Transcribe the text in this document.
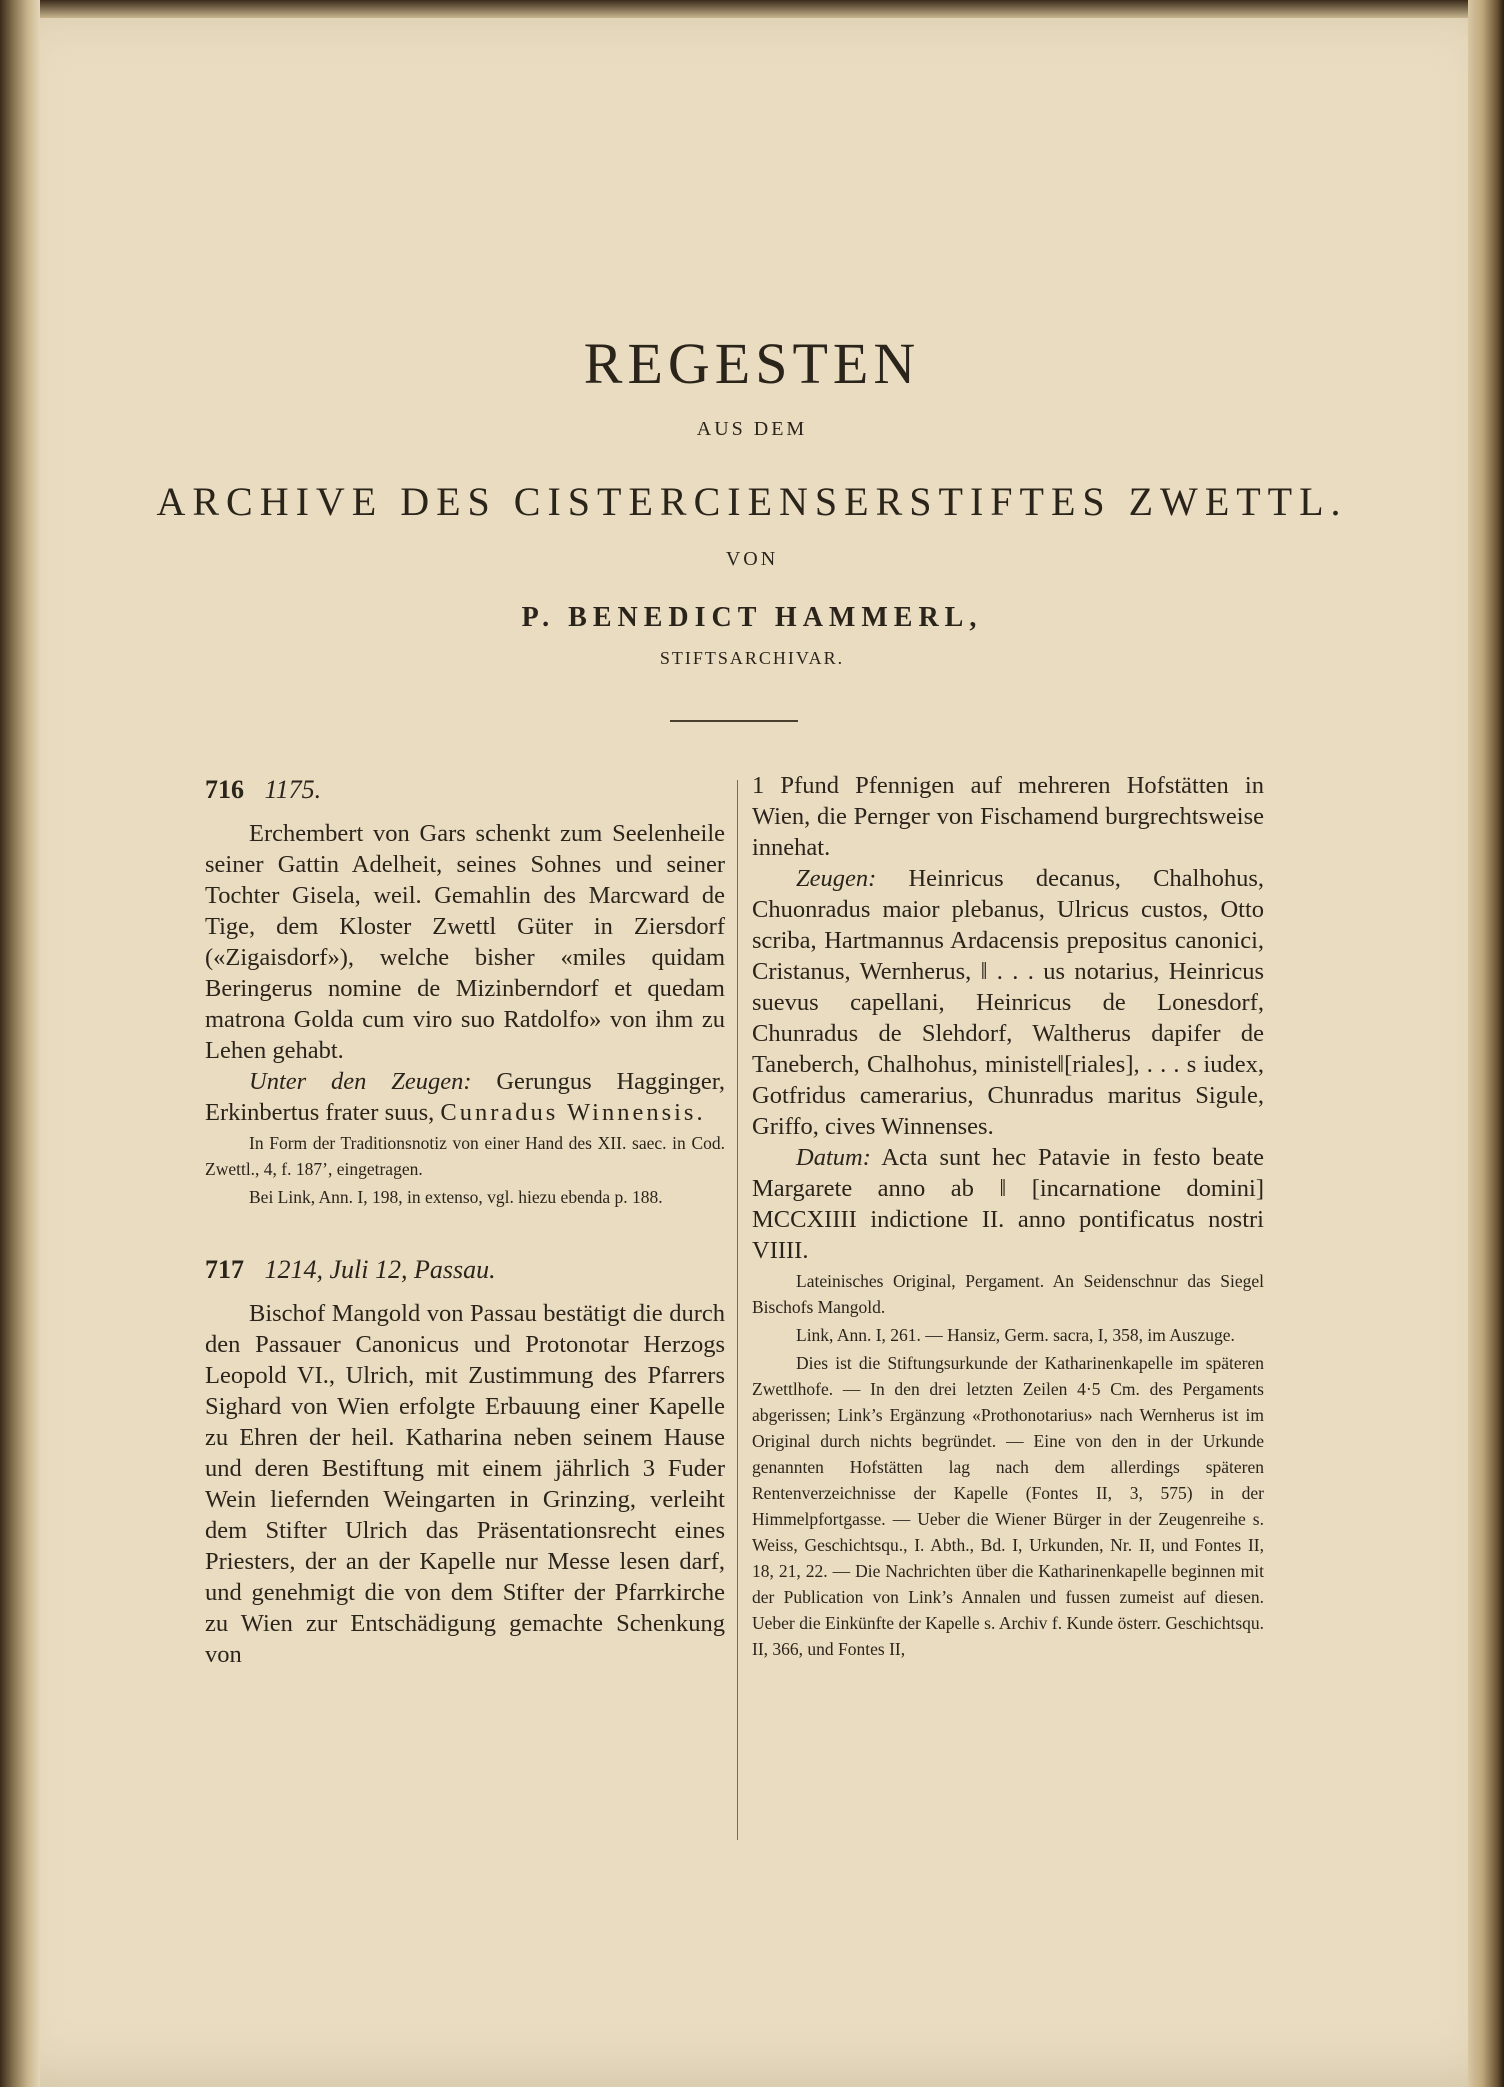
REGESTEN
AUS DEM
ARCHIVE DES CISTERCIENSERSTIFTES ZWETTL.
VON
P. BENEDICT HAMMERL,
STIFTSARCHIVAR.
716 1175.

Erchembert von Gars schenkt zum Seelenheile seiner Gattin Adelheit, seines Sohnes und seiner Tochter Gisela, weil. Gemahlin des Marcward de Tige, dem Kloster Zwettl Güter in Ziersdorf («Zigaisdorf»), welche bisher «miles quidam Beringerus nomine de Mizinberndorf et quedam matrona Golda cum viro suo Ratdolfo» von ihm zu Lehen gehabt.

Unter den Zeugen: Gerungus Hagginger, Erkinbertus frater suus, Cunradus Winnensis.

In Form der Traditionsnotiz von einer Hand des XII. saec. in Cod. Zwettl., 4, f. 187’, eingetragen.

Bei Link, Ann. I, 198, in extenso, vgl. hiezu ebenda p. 188.

717 1214, Juli 12, Passau.

Bischof Mangold von Passau bestätigt die durch den Passauer Canonicus und Protonotar Herzogs Leopold VI., Ulrich, mit Zustimmung des Pfarrers Sighard von Wien erfolgte Erbauung einer Kapelle zu Ehren der heil. Katharina neben seinem Hause und deren Bestiftung mit einem jährlich 3 Fuder Wein liefernden Weingarten in Grinzing, verleiht dem Stifter Ulrich das Präsentationsrecht eines Priesters, der an der Kapelle nur Messe lesen darf, und genehmigt die von dem Stifter der Pfarrkirche zu Wien zur Entschädigung gemachte Schenkung von

1 Pfund Pfennigen auf mehreren Hofstätten in Wien, die Pernger von Fischamend burgrechtsweise innehat.

Zeugen: Heinricus decanus, Chalhohus, Chuonradus maior plebanus, Ulricus custos, Otto scriba, Hartmannus Ardacensis prepositus canonici, Cristanus, Wernherus, ‖ . . . us notarius, Heinricus suevus capellani, Heinricus de Lonesdorf, Chunradus de Slehdorf, Waltherus dapifer de Taneberch, Chalhohus, ministe‖[riales], . . . s iudex, Gotfridus camerarius, Chunradus maritus Sigule, Griffo, cives Winnenses.

Datum: Acta sunt hec Patavie in festo beate Margarete anno ab ‖ [incarnatione domini] MCCXIIII indictione II. anno pontificatus nostri VIIII.

Lateinisches Original, Pergament. An Seidenschnur das Siegel Bischofs Mangold.

Link, Ann. I, 261. — Hansiz, Germ. sacra, I, 358, im Auszuge.

Dies ist die Stiftungsurkunde der Katharinenkapelle im späteren Zwettlhofe. — In den drei letzten Zeilen 4·5 Cm. des Pergaments abgerissen; Link’s Ergänzung «Prothonotarius» nach Wernherus ist im Original durch nichts begründet. — Eine von den in der Urkunde genannten Hofstätten lag nach dem allerdings späteren Rentenverzeichnisse der Kapelle (Fontes II, 3, 575) in der Himmelpfortgasse. — Ueber die Wiener Bürger in der Zeugenreihe s. Weiss, Geschichtsqu., I. Abth., Bd. I, Urkunden, Nr. II, und Fontes II, 18, 21, 22. — Die Nachrichten über die Katharinenkapelle beginnen mit der Publication von Link’s Annalen und fussen zumeist auf diesen. Ueber die Einkünfte der Kapelle s. Archiv f. Kunde österr. Geschichtsqu. II, 366, und Fontes II,
